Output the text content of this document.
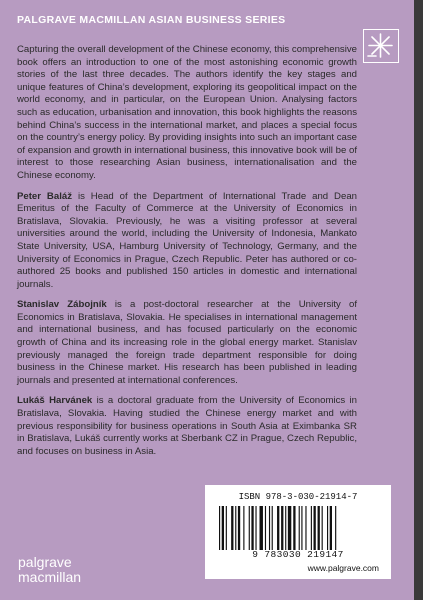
PALGRAVE MACMILLAN ASIAN BUSINESS SERIES

Capturing the overall development of the Chinese economy, this comprehensive book offers an introduction to one of the most astonishing economic growth stories of the last three decades. The authors identify the key stages and unique features of China’s development, exploring its geopolitical impact on the world economy, and in particular, on the European Union. Analysing factors such as education, urbanisation and innovation, this book highlights the reasons behind China’s success in the international market, and places a special focus on the country’s energy policy. By providing insights into such an important case of expansion and growth in international business, this innovative book will be of interest to those researching Asian business, internationalisation and the Chinese economy.

Peter Baláž is Head of the Department of International Trade and Dean Emeritus of the Faculty of Commerce at the University of Economics in Bratislava, Slovakia. Previously, he was a visiting professor at several universities around the world, including the University of Indonesia, Mankato State University, USA, Hamburg University of Technology, Germany, and the University of Economics in Prague, Czech Republic. Peter has authored or co-authored 25 books and published 150 articles in domestic and international journals.

Stanislav Zábojník is a post-doctoral researcher at the University of Economics in Bratislava, Slovakia. He specialises in international management and international business, and has focused particularly on the economic growth of China and its increasing role in the global energy market. Stanislav previously managed the foreign trade department responsible for doing business in the Chinese market. His research has been published in leading journals and presented at international conferences.

Lukáš Harvánek is a doctoral graduate from the University of Economics in Bratislava, Slovakia. Having studied the Chinese energy market and with previous responsibility for business operations in South Asia at Eximbanka SR in Bratislava, Lukáš currently works at Sberbank CZ in Prague, Czech Republic, and focuses on business in Asia.

ISBN 978-3-030-21914-7
9 783030 219147
www.palgrave.com
palgrave
macmillan
